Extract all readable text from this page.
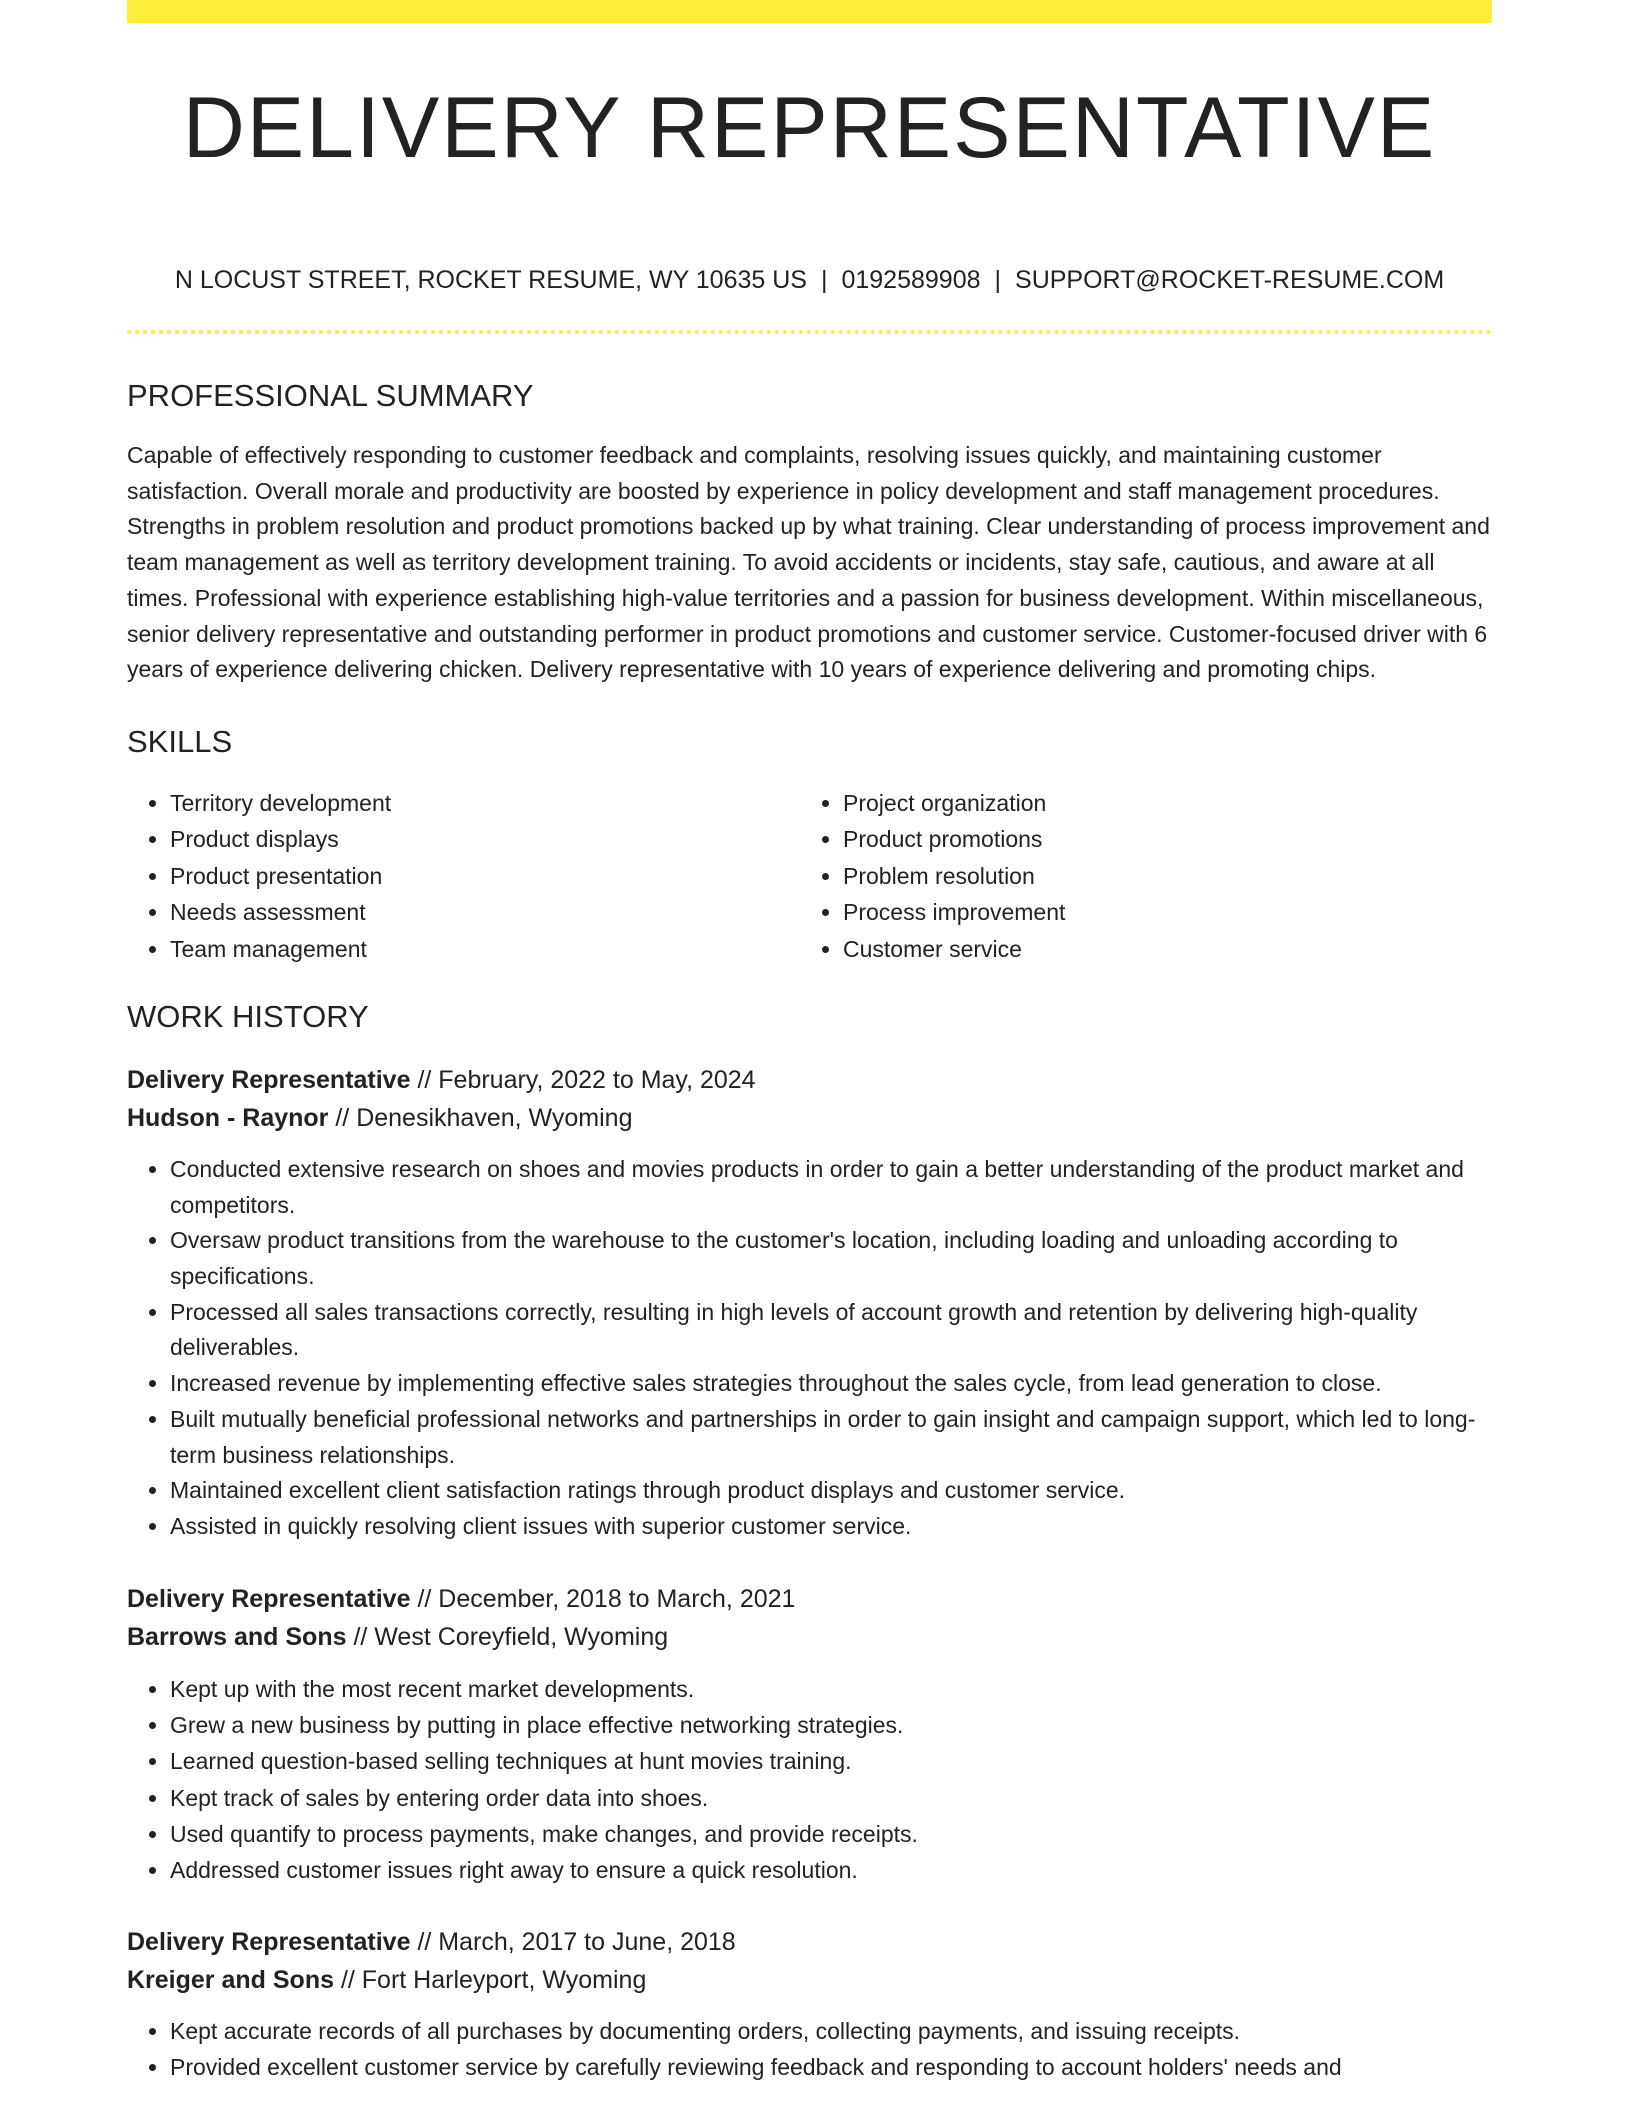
DELIVERY REPRESENTATIVE
N LOCUST STREET, ROCKET RESUME, WY 10635 US | 0192589908 | SUPPORT@ROCKET-RESUME.COM
PROFESSIONAL SUMMARY

Capable of effectively responding to customer feedback and complaints, resolving issues quickly, and maintaining customer satisfaction. Overall morale and productivity are boosted by experience in policy development and staff management procedures. Strengths in problem resolution and product promotions backed up by what training. Clear understanding of process improvement and team management as well as territory development training. To avoid accidents or incidents, stay safe, cautious, and aware at all times. Professional with experience establishing high-value territories and a passion for business development. Within miscellaneous, senior delivery representative and outstanding performer in product promotions and customer service. Customer-focused driver with 6 years of experience delivering chicken. Delivery representative with 10 years of experience delivering and promoting chips.

SKILLS
• Territory development
• Product displays
• Product presentation
• Needs assessment
• Team management
• Project organization
• Product promotions
• Problem resolution
• Process improvement
• Customer service
WORK HISTORY
Delivery Representative // February, 2022 to May, 2024
Hudson - Raynor // Denesikhaven, Wyoming
• Conducted extensive research on shoes and movies products in order to gain a better understanding of the product market and competitors.
• Oversaw product transitions from the warehouse to the customer's location, including loading and unloading according to specifications.
• Processed all sales transactions correctly, resulting in high levels of account growth and retention by delivering high-quality deliverables.
• Increased revenue by implementing effective sales strategies throughout the sales cycle, from lead generation to close.
• Built mutually beneficial professional networks and partnerships in order to gain insight and campaign support, which led to long-term business relationships.
• Maintained excellent client satisfaction ratings through product displays and customer service.
• Assisted in quickly resolving client issues with superior customer service.
Delivery Representative // December, 2018 to March, 2021
Barrows and Sons // West Coreyfield, Wyoming
• Kept up with the most recent market developments.
• Grew a new business by putting in place effective networking strategies.
• Learned question-based selling techniques at hunt movies training.
• Kept track of sales by entering order data into shoes.
• Used quantify to process payments, make changes, and provide receipts.
• Addressed customer issues right away to ensure a quick resolution.
Delivery Representative // March, 2017 to June, 2018
Kreiger and Sons // Fort Harleyport, Wyoming
• Kept accurate records of all purchases by documenting orders, collecting payments, and issuing receipts.
• Provided excellent customer service by carefully reviewing feedback and responding to account holders' needs and
